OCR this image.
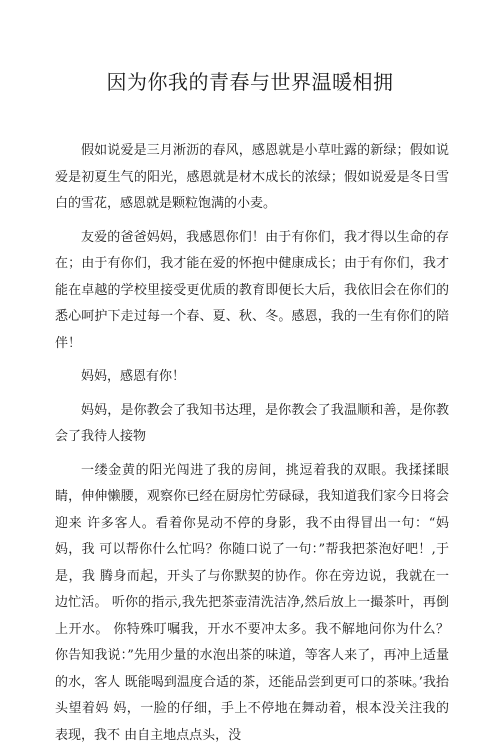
因为你我的青春与世界温暖相拥

假如说爱是三月淅沥的春风，感恩就是小草吐露的新绿；假如说 爱是初夏生气的阳光，感恩就是材木成长的浓绿；假如说爱是冬日雪 白的雪花，感恩就是颗粒饱满的小麦。

友爱的爸爸妈妈，我感恩你们！由于有你们，我才得以生命的存 在；由于有你们，我才能在爱的怀抱中健康成长；由于有你们，我才 能在卓越的学校里接受更优质的教育即便长大后，我依旧会在你们的 悉心呵护下走过每一个春、夏、秋、冬。感恩，我的一生有你们的陪 伴！

妈妈，感恩有你！

妈妈，是你教会了我知书达理，是你教会了我温顺和善，是你教 会了我待人接物

一缕金黄的阳光闯进了我的房间，挑逗着我的双眼。我揉揉眼睛，伸伸懒腰，观察你已经在厨房忙劳碌碌，我知道我们家今日将会迎来 许多客人。看着你晃动不停的身影，我不由得冒出一句：“妈妈，我 可以帮你什么忙吗？你随口说了一句：”帮我把茶泡好吧！,于是，我 腾身而起，开头了与你默契的协作。你在旁边说，我就在一边忙活。 听你的指示,我先把茶壶清洗洁净,然后放上一撮茶叶，再倒上开水。 你特殊叮嘱我，开水不要冲太多。我不解地问你为什么？你告知我说：”先用少量的水泡出茶的味道，等客人来了，再冲上适量的水，客人 既能喝到温度合适的茶，还能品尝到更可口的茶味。’我抬头望着妈 妈，一脸的仔细，手上不停地在舞动着，根本没关注我的表现，我不 由自主地点点头，没
